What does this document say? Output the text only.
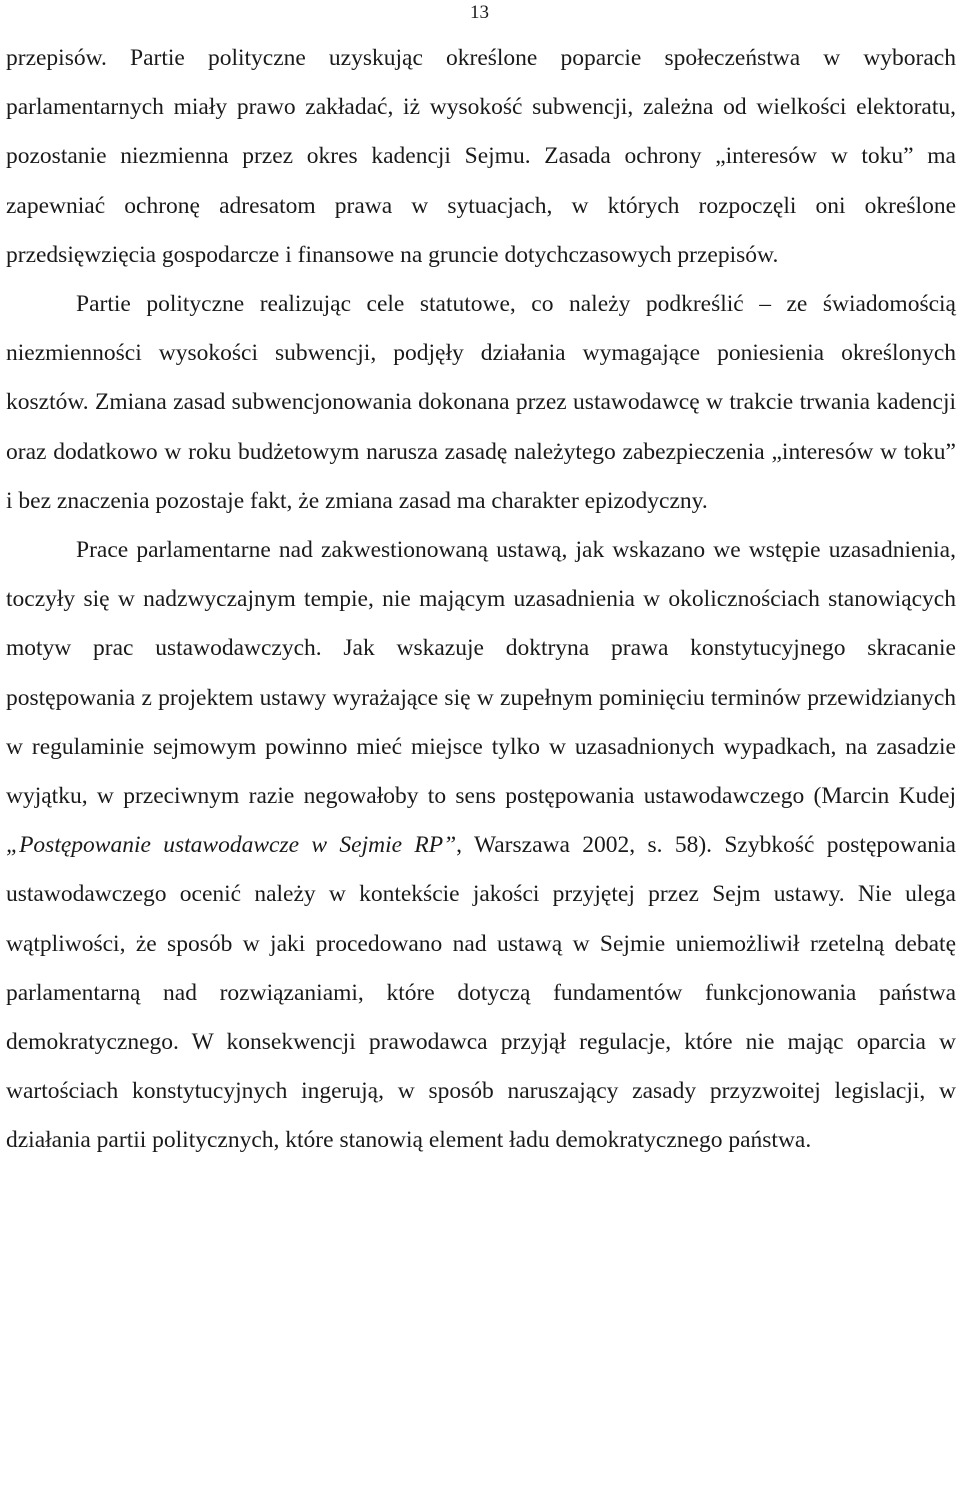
13

przepisów. Partie polityczne uzyskując określone poparcie społeczeństwa w wyborach parlamentarnych miały prawo zakładać, iż wysokość subwencji, zależna od wielkości elektoratu, pozostanie niezmienna przez okres kadencji Sejmu. Zasada ochrony „interesów w toku” ma zapewniać ochronę adresatom prawa w sytuacjach, w których rozpoczęli oni określone przedsięwzięcia gospodarcze i finansowe na gruncie dotychczasowych przepisów.

Partie polityczne realizując cele statutowe, co należy podkreślić – ze świadomością niezmienności wysokości subwencji, podjęły działania wymagające poniesienia określonych kosztów. Zmiana zasad subwencjonowania dokonana przez ustawodawcę w trakcie trwania kadencji oraz dodatkowo w roku budżetowym narusza zasadę należytego zabezpieczenia „interesów w toku” i bez znaczenia pozostaje fakt, że zmiana zasad ma charakter epizodyczny.

Prace parlamentarne nad zakwestionowaną ustawą, jak wskazano we wstępie uzasadnienia, toczyły się w nadzwyczajnym tempie, nie mającym uzasadnienia w okolicznościach stanowiących motyw prac ustawodawczych. Jak wskazuje doktryna prawa konstytucyjnego skracanie postępowania z projektem ustawy wyrażające się w zupełnym pominięciu terminów przewidzianych w regulaminie sejmowym powinno mieć miejsce tylko w uzasadnionych wypadkach, na zasadzie wyjątku, w przeciwnym razie negowałoby to sens postępowania ustawodawczego (Marcin Kudej „Postępowanie ustawodawcze w Sejmie RP”, Warszawa 2002, s. 58). Szybkość postępowania ustawodawczego ocenić należy w kontekście jakości przyjętej przez Sejm ustawy. Nie ulega wątpliwości, że sposób w jaki procedowano nad ustawą w Sejmie uniemożliwił rzetelną debatę parlamentarną nad rozwiązaniami, które dotyczą fundamentów funkcjonowania państwa demokratycznego. W konsekwencji prawodawca przyjął regulacje, które nie mając oparcia w wartościach konstytucyjnych ingerują, w sposób naruszający zasady przyzwoitej legislacji, w działania partii politycznych, które stanowią element ładu demokratycznego państwa.
